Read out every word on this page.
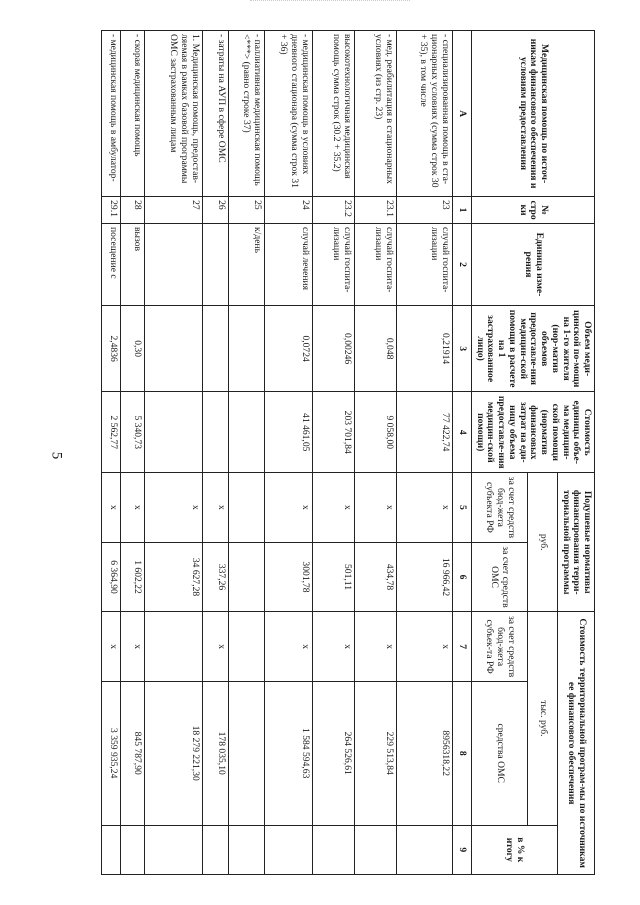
5
Медицинская помощь по источ-никам финансового обеспечения и условиям предоставления	№ стро ки	Единица изме-рения	Объем меди-цинской по-мощи на 1-го жителя (нор-матив объемов предоставле-ния медицин-ской помощи в расчете на 1 застрахованное лицо)	Стоимость единицы объе-ма медицин-ской помощи (норматив финансовых затрат на еди-ницу объема предоставле-ния медицин-ской помощи)	Подушевые нормативы финансирования терри-ториальной программы		Стоимость территориальной програм-мы по источникам ее финансового обеспечения		
					руб.		тыс. руб.		в % к итогу
					за счет средств бюд-жета субъекта РФ	за счет средств ОМС	за счет средств бюд-жета субъек-та РФ	средства ОМС	
А	1	2	3	4	5	6	7	8	9
- специализированная помощь в ста-ционарных условиях (сумма строк 30 + 35), в том числе	23	случай госпита-лизации	0,21914	77 422,74	х	16 966,42	х	8956318,22	
- мед. реабилитация в стационарных условиях (из стр. 23)	23.1	случай госпита-лизации	0,048	9 058,00	х	434,78	х	229 513,84	
высокотехнологичная медицинская помощь сумма строк (30.2 + 35.2)	23.2	случай госпита-лизации	0,00246	203 701,84	х	501,11	х	264 526,61	
- медицинская помощь в условиях дневного стационара (сумма строк 31 + 36)	24	случай лечения	0,0724	41 461,05	х	3001,78	х	1 584 594,63	
- паллиативная медицинская помощь <***> (равно строке 37)	25	к/день							
- затраты на АУП в сфере ОМС	26				х	337,26	х	178 035,10	
1. Медицинская помощь, предостав-ляемая в рамках базовой программы ОМС застрахованным лицам	27				х	34 627,28		18 279 221,30	
- скорая медицинская помощь	28	вызов	0,30	5 340,73	х	1 602,22	х	845 787,90	
- медицинская помощь в амбулатор-	29.1	посещение с	2,4836	2 562,77	х	6 364,90	х	3 359 935,24	
